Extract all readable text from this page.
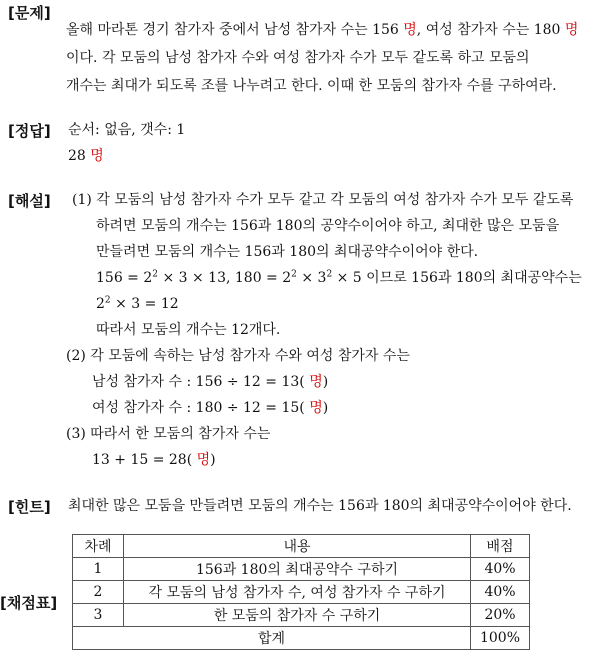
[문제]
올해 마라톤 경기 참가자 중에서 남성 참가자 수는 156 명, 여성 참가자 수는 180 명
이다. 각 모둠의 남성 참가자 수와 여성 참가자 수가 모두 같도록 하고 모둠의
개수는 최대가 되도록 조를 나누려고 한다. 이때 한 모둠의 참가자 수를 구하여라.
[정답] 순서: 없음, 갯수: 1
28 명
[해설] (1) 각 모둠의 남성 참가자 수가 모두 같고 각 모둠의 여성 참가자 수가 모두 같도록
하려면 모둠의 개수는 156과 180의 공약수이어야 하고, 최대한 많은 모둠을
만들려면 모둠의 개수는 156과 180의 최대공약수이어야 한다.
$156 = 2^2 \times 3 \times 13$, $180 = 2^2 \times 3^2 \times 5$ 이므로 156과 180의 최대공약수는
$2^2 \times 3 = 12$
따라서 모둠의 개수는 12개다.
(2) 각 모둠에 속하는 남성 참가자 수와 여성 참가자 수는
남성 참가자 수 : 156 ÷ 12 = 13( 명)
여성 참가자 수 : 180 ÷ 12 = 15( 명)
(3) 따라서 한 모둠의 참가자 수는
13 + 15 = 28( 명)
[힌트] 최대한 많은 모둠을 만들려면 모둠의 개수는 156과 180의 최대공약수이어야 한다.
[채점표]
차례	내용	배점
1	156과 180의 최대공약수 구하기	40%
2	각 모둠의 남성 참가자 수, 여성 참가자 수 구하기	40%
3	한 모둠의 참가자 수 구하기	20%
합계		100%
